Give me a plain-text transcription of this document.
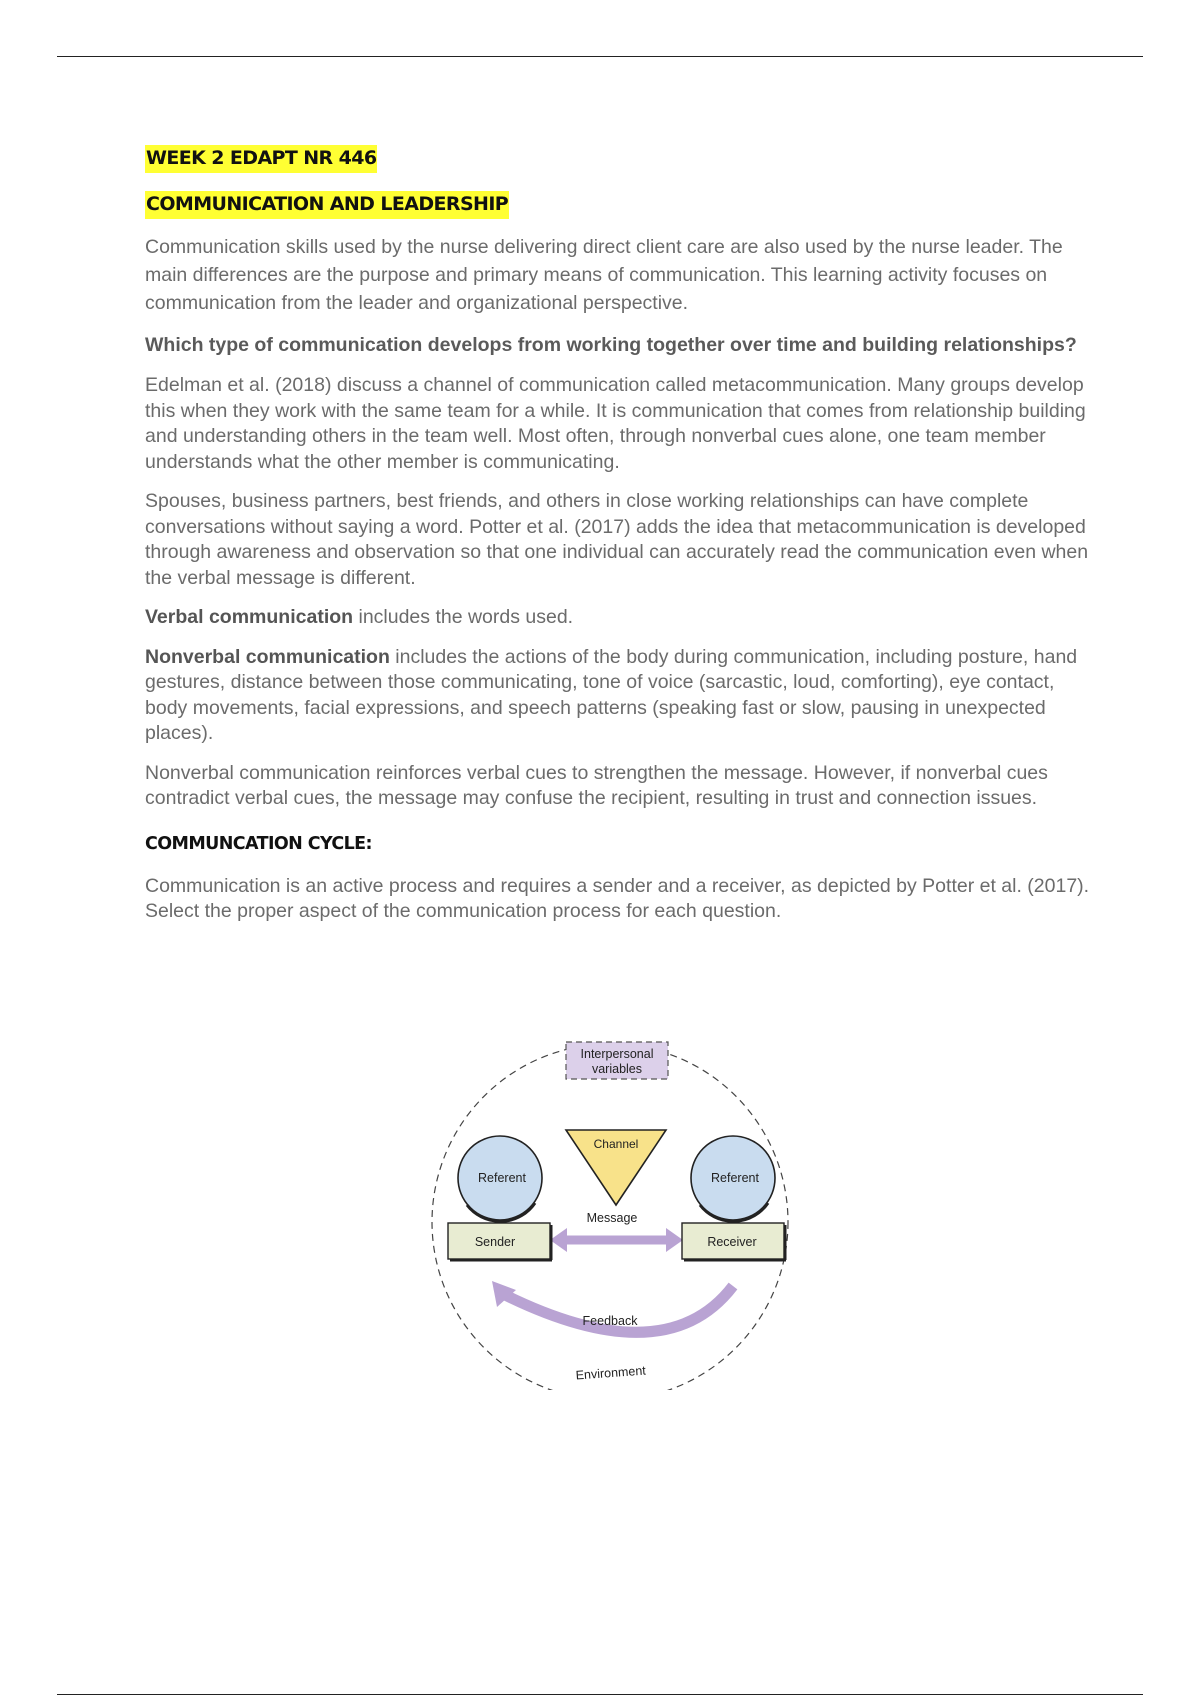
WEEK 2 EDAPT NR 446
COMMUNICATION AND LEADERSHIP

Communication skills used by the nurse delivering direct client care are also used by the nurse leader. The main differences are the purpose and primary means of communication. This learning activity focuses on communication from the leader and organizational perspective.

Which type of communication develops from working together over time and building relationships?

Edelman et al. (2018) discuss a channel of communication called metacommunication. Many groups develop this when they work with the same team for a while. It is communication that comes from relationship building and understanding others in the team well. Most often, through nonverbal cues alone, one team member understands what the other member is communicating.

Spouses, business partners, best friends, and others in close working relationships can have complete conversations without saying a word. Potter et al. (2017) adds the idea that metacommunication is developed through awareness and observation so that one individual can accurately read the communication even when the verbal message is different.

Verbal communication includes the words used.

Nonverbal communication includes the actions of the body during communication, including posture, hand gestures, distance between those communicating, tone of voice (sarcastic, loud, comforting), eye contact, body movements, facial expressions, and speech patterns (speaking fast or slow, pausing in unexpected places).

Nonverbal communication reinforces verbal cues to strengthen the message. However, if nonverbal cues contradict verbal cues, the message may confuse the recipient, resulting in trust and connection issues.

COMMUNCATION CYCLE:

Communication is an active process and requires a sender and a receiver, as depicted by Potter et al. (2017). Select the proper aspect of the communication process for each question.

Interpersonal
variables
Channel
Referent	Referent
Message
Sender	Receiver
Feedback
Environment
